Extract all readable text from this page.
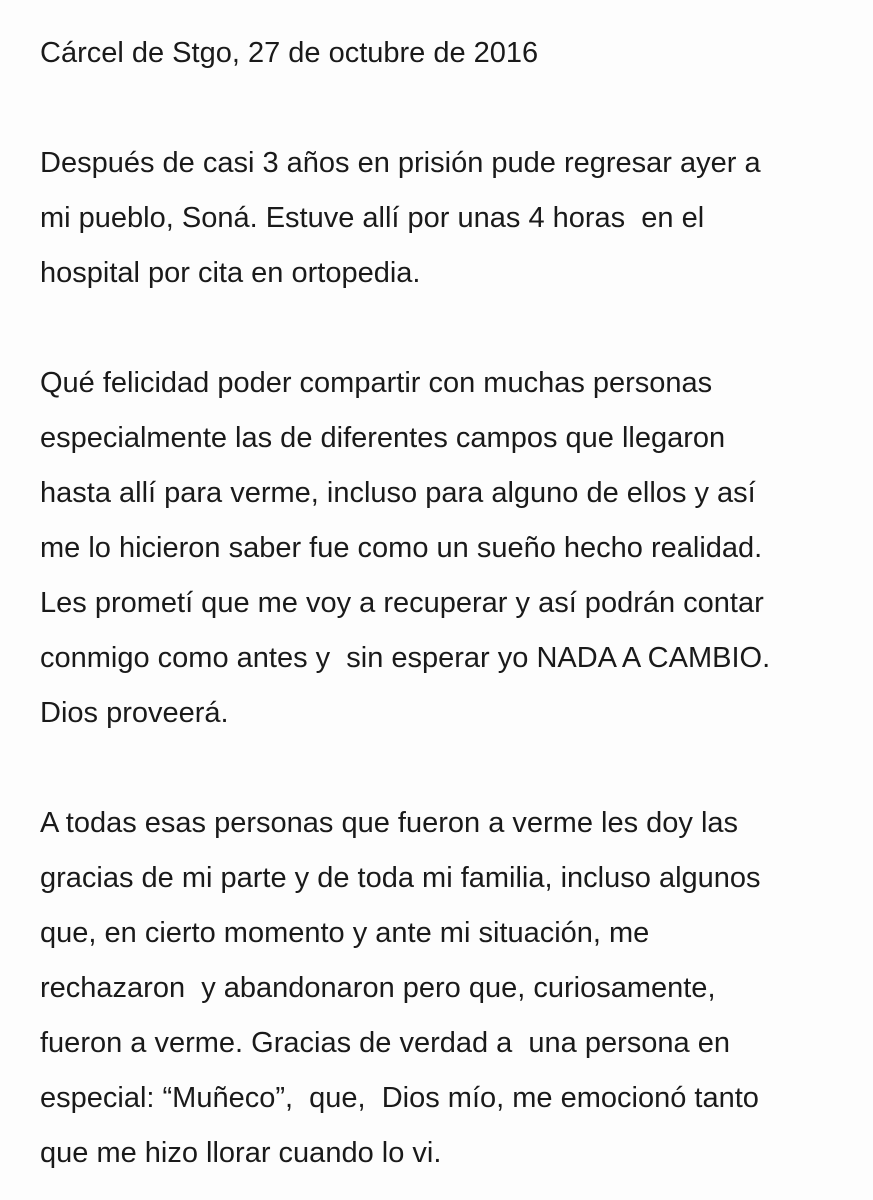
Cárcel de Stgo, 27 de octubre de 2016
Después de casi 3 años en prisión pude regresar ayer a
mi pueblo, Soná. Estuve allí por unas 4 horas  en el
hospital por cita en ortopedia.
Qué felicidad poder compartir con muchas personas
especialmente las de diferentes campos que llegaron
hasta allí para verme, incluso para alguno de ellos y así
me lo hicieron saber fue como un sueño hecho realidad.
Les prometí que me voy a recuperar y así podrán contar
conmigo como antes y  sin esperar yo NADA A CAMBIO.
Dios proveerá.
A todas esas personas que fueron a verme les doy las
gracias de mi parte y de toda mi familia, incluso algunos
que, en cierto momento y ante mi situación, me
rechazaron  y abandonaron pero que, curiosamente,
fueron a verme. Gracias de verdad a  una persona en
especial: “Muñeco”,  que,  Dios mío, me emocionó tanto
que me hizo llorar cuando lo vi.
